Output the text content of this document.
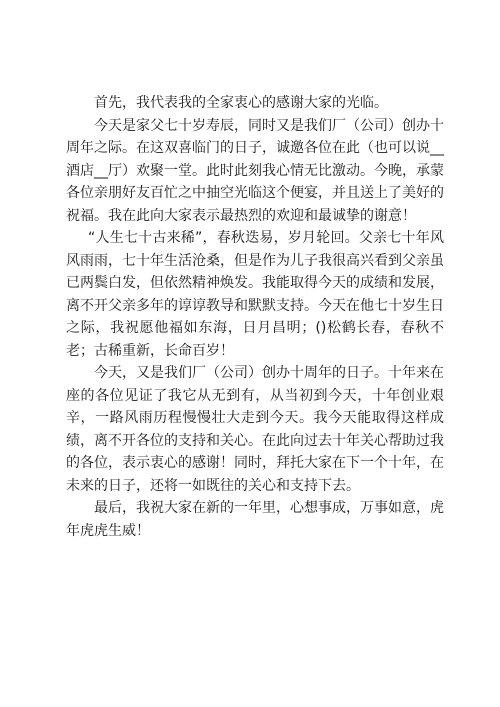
首先，我代表我的全家衷心的感谢大家的光临。

今天是家父七十岁寿辰，同时又是我们厂（公司）创办十周年之际。在这双喜临门的日子，诚邀各位在此（也可以说__酒店__厅）欢聚一堂。此时此刻我心情无比激动。今晚，承蒙各位亲朋好友百忙之中抽空光临这个便宴，并且送上了美好的祝福。我在此向大家表示最热烈的欢迎和最诚挚的谢意！

“人生七十古来稀”，春秋迭易，岁月轮回。父亲七十年风风雨雨，七十年生活沧桑，但是作为儿子我很高兴看到父亲虽已两鬓白发，但依然精神焕发。我能取得今天的成绩和发展，离不开父亲多年的谆谆教导和默默支持。今天在他七十岁生日之际，我祝愿他福如东海，日月昌明；()松鹤长春，春秋不老；古稀重新，长命百岁！

今天，又是我们厂（公司）创办十周年的日子。十年来在座的各位见证了我它从无到有，从当初到今天，十年创业艰辛，一路风雨历程慢慢壮大走到今天。我今天能取得这样成绩，离不开各位的支持和关心。在此向过去十年关心帮助过我的各位，表示衷心的感谢！同时，拜托大家在下一个十年，在未来的日子，还将一如既往的关心和支持下去。

最后，我祝大家在新的一年里，心想事成，万事如意，虎年虎虎生威！
